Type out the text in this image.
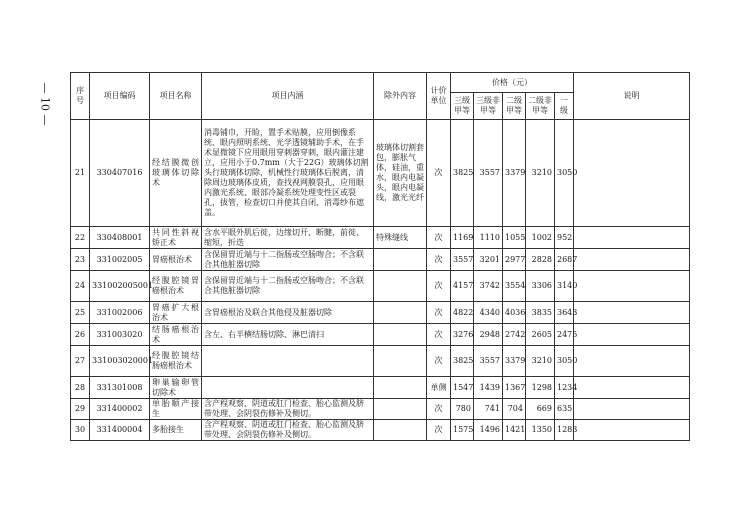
— 10 —	序号	项目编码	项目名称	项目内涵	除外内容	计价单位	价格（元）					说明
						三级甲等	三级非甲等	二级甲等	二级非甲等	一级	
21	330407016	经结膜微创玻璃体切除术	消毒铺巾，开睑，置手术贴膜，应用倒像系统、眼内照明系统、光学透镜辅助手术，在手术显微镜下应用眼用穿刺器穿刺，眼内灌注建立，应用小于0.7mm（大于22G）玻璃体切割头行玻璃体切除，机械性行玻璃体后脱离，清除周边玻璃体皮质，查找视网膜裂孔，应用眼内激光系统、眼部冷凝系统处理变性区或裂孔，拔管，检查切口并使其自闭，消毒纱布遮盖。	玻璃体切割套包，膨胀气体，硅油，重水，眼内电凝头，眼内电凝线，激光光纤	次	3825	3557	3379	3210	3050	
22	330408001	共同性斜视矫正术	含水平眼外肌后徙，边缘切开、断腱，前徙、缩短，折迭	特殊缝线	次	1169	1110	1055	1002	952	
23	331002005	胃癌根治术	含保留胃近端与十二指肠或空肠吻合；不含联合其他脏器切除		次	3557	3201	2977	2828	2687	
24	331002005001	经腹腔镜胃癌根治术	含保留胃近端与十二指肠或空肠吻合；不含联合其他脏器切除		次	4157	3742	3554	3306	3140	
25	331002006	胃癌扩大根治术	含胃癌根治及联合其他侵及脏器切除		次	4822	4340	4036	3835	3643	
26	331003020	结肠癌根治术	含左、右半横结肠切除、淋巴清扫		次	3276	2948	2742	2605	2475	
27	331003020001	经腹腔镜结肠癌根治术			次	3825	3557	3379	3210	3050	
28	331301008	卵巢输卵管切除术			单侧	1547	1439	1367	1298	1234	
29	331400002	单胎顺产接生	含产程观察、阴道或肛门检查、胎心监测及脐带处理、会阴裂伤修补及侧切。		次	780	741	704	669	635	
30	331400004	多胎接生	含产程观察、阴道或肛门检查、胎心监测及脐带处理、会阴裂伤修补及侧切。		次	1575	1496	1421	1350	1283	
